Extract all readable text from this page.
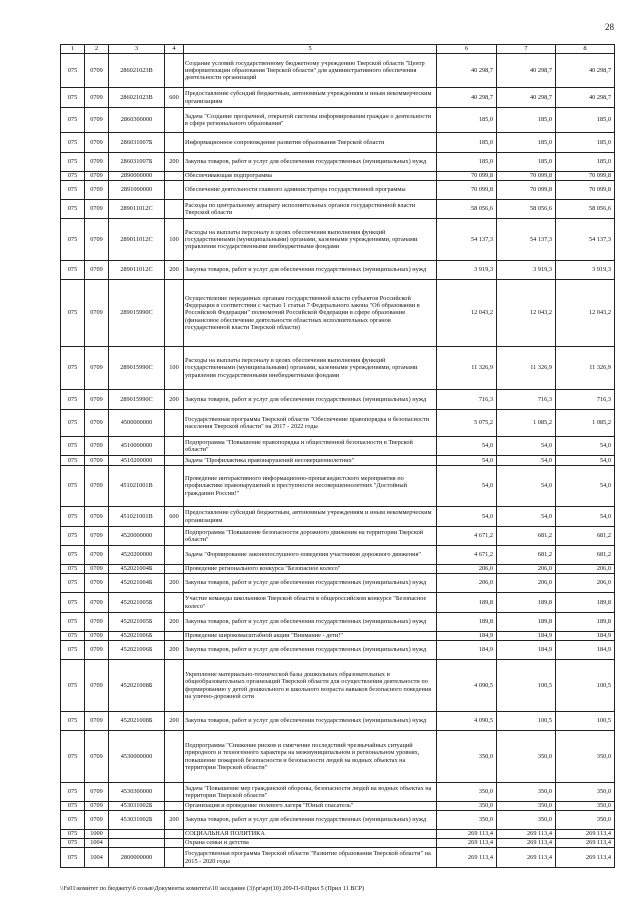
28
1	2	3	4	5	6	7	8
075	0709	286021023В		Создание условий государственному бюджетному учреждению Тверской области "Центр информатизации образования Тверской области" для административного обеспечения деятельности организаций	40 298,7	40 298,7	40 298,7
075	0709	286021023В	600	Предоставление субсидий бюджетным, автономным учреждениям и иным некоммерческим организациям	40 298,7	40 298,7	40 298,7
075	0709	2860300000		Задача "Создание прозрачной, открытой системы информирования граждан о деятельности в сфере регионального образования"	185,0	185,0	185,0
075	0709	286031007Б		Информационное сопровождение развития образования Тверской области	185,0	185,0	185,0
075	0709	286031007Б	200	Закупка товаров, работ и услуг для обеспечения государственных (муниципальных) нужд	185,0	185,0	185,0
075	0709	2890000000		Обеспечивающая подпрограмма	70 099,8	70 099,8	70 099,8
075	0709	2891000000		Обеспечение деятельности главного администратора государственной программы	70 099,8	70 099,8	70 099,8
075	0709	289011012С		Расходы по центральному аппарату исполнительных органов государственной власти Тверской области	58 056,6	58 056,6	58 056,6
075	0709	289011012С	100	Расходы на выплаты персоналу в целях обеспечения выполнения функций государственными (муниципальными) органами, казенными учреждениями, органами управления государственными внебюджетными фондами	54 137,3	54 137,3	54 137,3
075	0709	289011012С	200	Закупка товаров, работ и услуг для обеспечения государственных (муниципальных) нужд	3 919,3	3 919,3	3 919,3
075	0709	289015990С		Осуществление переданных органам государственной власти субъектов Российской Федерации в соответствии с частью 1 статьи 7 Федерального закона "Об образовании в Российской Федерации" полномочий Российской Федерации в сфере образования (финансовое обеспечение деятельности областных исполнительных органов государственной власти Тверской области)	12 043,2	12 043,2	12 043,2
075	0709	289015990С	100	Расходы на выплаты персоналу в целях обеспечения выполнения функций государственными (муниципальными) органами, казенными учреждениями, органами управления государственными внебюджетными фондами	11 326,9	11 326,9	11 326,9
075	0709	289015990С	200	Закупка товаров, работ и услуг для обеспечения государственных (муниципальных) нужд	716,3	716,3	716,3
075	0709	4500000000		Государственная программа Тверской области "Обеспечение правопорядка и безопасности населения Тверской области" на 2017 - 2022 годы	5 075,2	1 085,2	1 085,2
075	0709	4510000000		Подпрограмма "Повышение правопорядка и общественной безопасности в Тверской области"	54,0	54,0	54,0
075	0709	4510200000		Задача "Профилактика правонарушений несовершеннолетних"	54,0	54,0	54,0
075	0709	451021001В		Проведение интерактивного информационно-пропагандистского мероприятия по профилактике правонарушений и преступности несовершеннолетних "Достойный гражданин России!"	54,0	54,0	54,0
075	0709	451021001В	600	Предоставление субсидий бюджетным, автономным учреждениям и иным некоммерческим организациям	54,0	54,0	54,0
075	0709	4520000000		Подпрограмма "Повышение безопасности дорожного движения на территории Тверской области"	4 671,2	681,2	681,2
075	0709	4520200000		Задача "Формирование законопослушного поведения участников дорожного движения"	4 671,2	681,2	681,2
075	0709	452021004Б		Проведение регионального конкурса "Безопасное колесо"	206,0	206,0	206,0
075	0709	452021004Б	200	Закупка товаров, работ и услуг для обеспечения государственных (муниципальных) нужд	206,0	206,0	206,0
075	0709	452021005Б		Участие команды школьников Тверской области в общероссийском конкурсе "Безопасное колесо"	189,8	189,8	189,8
075	0709	452021005Б	200	Закупка товаров, работ и услуг для обеспечения государственных (муниципальных) нужд	189,8	189,8	189,8
075	0709	452021006Б		Проведение широкомасштабной акции "Внимание - дети!"	184,9	184,9	184,9
075	0709	452021006Б	200	Закупка товаров, работ и услуг для обеспечения государственных (муниципальных) нужд	184,9	184,9	184,9
075	0709	452021008Б		Укрепление материально-технической базы дошкольных образовательных и общеобразовательных организаций Тверской области для осуществления деятельности по формированию у детей дошкольного и школьного возраста навыков безопасного поведения на улично-дорожной сети	4 090,5	100,5	100,5
075	0709	452021008Б	200	Закупка товаров, работ и услуг для обеспечения государственных (муниципальных) нужд	4 090,5	100,5	100,5
075	0709	4530000000		Подпрограмма "Снижение рисков и смягчение последствий чрезвычайных ситуаций природного и техногенного характера на межмуниципальном и региональном уровнях, повышение пожарной безопасности и безопасности людей на водных объектах на территории Тверской области"	350,0	350,0	350,0
075	0709	4530300000		Задача "Повышение мер гражданской обороны, безопасности людей на водных объектах на территории Тверской области"	350,0	350,0	350,0
075	0709	453031002Б		Организация и проведение полевого лагеря "Юный спасатель"	350,0	350,0	350,0
075	0709	453031002Б	200	Закупка товаров, работ и услуг для обеспечения государственных (муниципальных) нужд	350,0	350,0	350,0
075	1000			СОЦИАЛЬНАЯ ПОЛИТИКА	269 113,4	269 113,4	269 113,4
075	1004			Охрана семьи и детства	269 113,4	269 113,4	269 113,4
075	1004	2800000000		Государственная программа Тверской области "Развитие образования Тверской области" на 2015 - 2020 годы	269 113,4	269 113,4	269 113,4
\\Fs01\комитет по бюджету\6 созыв\Документы комитета\10 заседание (3)\pr\apr(10) 209-П-6\Прил 5 (Прил 11 ВСР)
